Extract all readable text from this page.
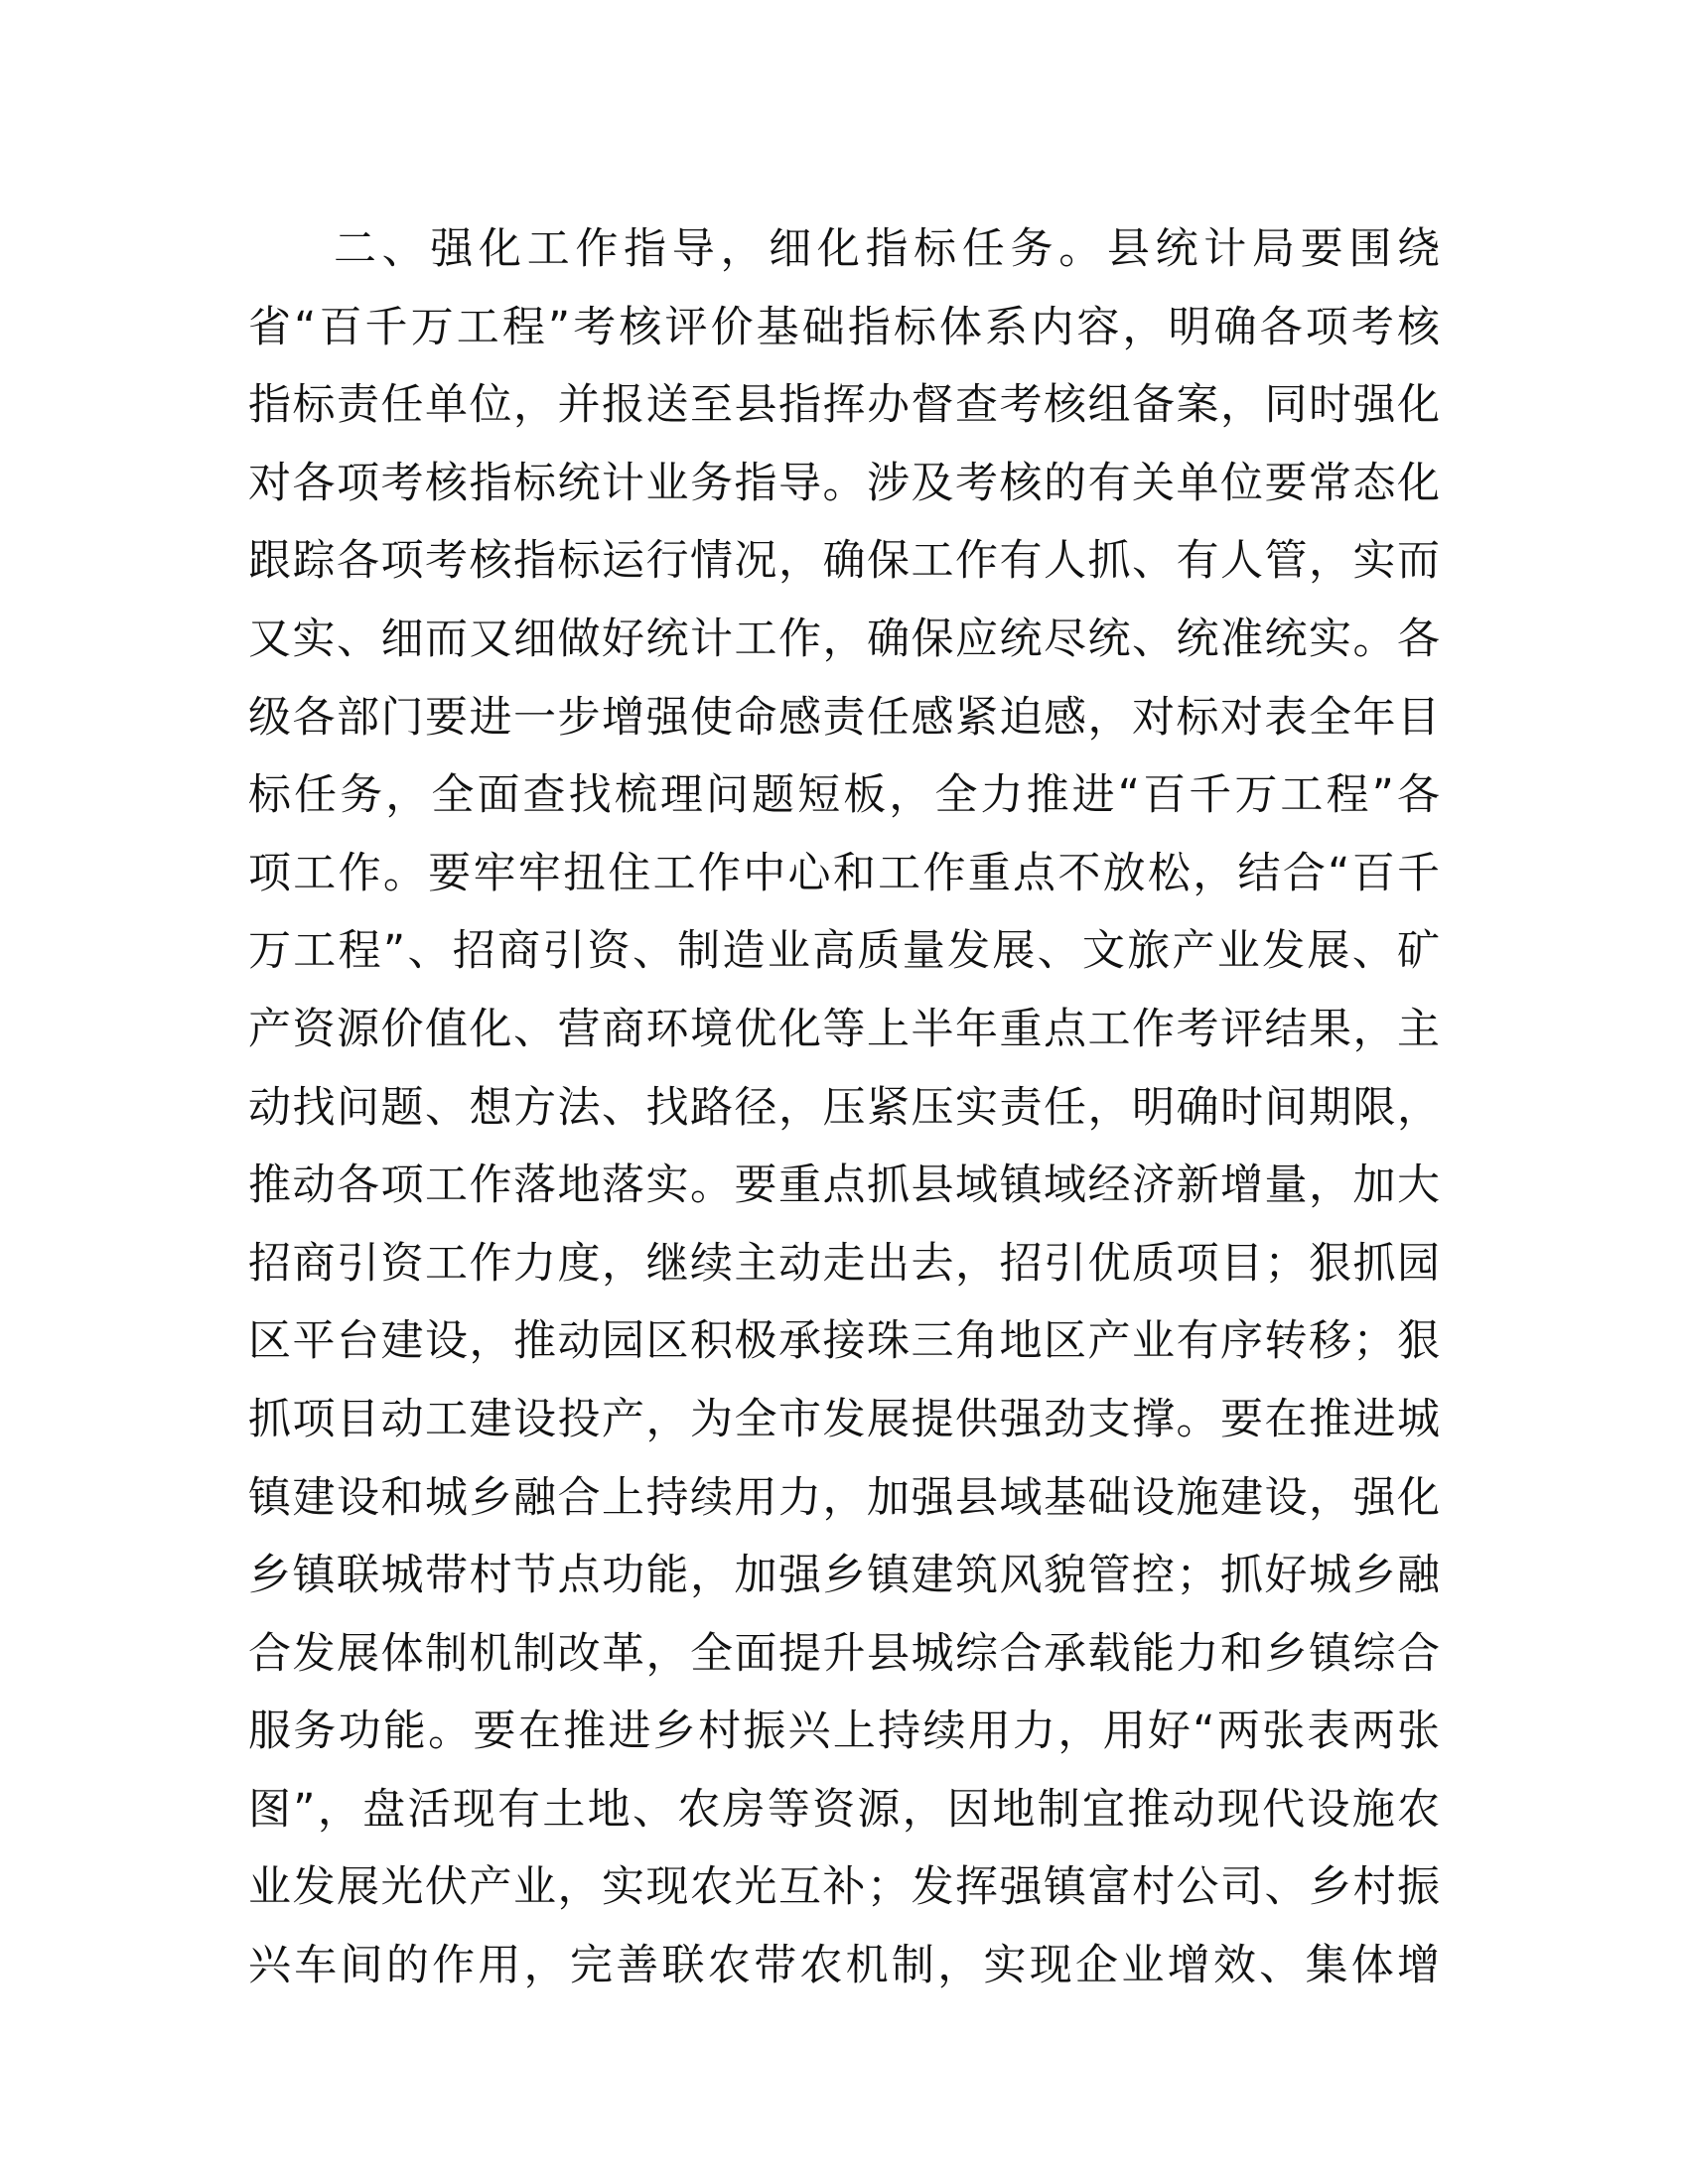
二、强化工作指导，细化指标任务。县统计局要围绕
省“百千万工程”考核评价基础指标体系内容，明确各项考核
指标责任单位，并报送至县指挥办督查考核组备案，同时强化
对各项考核指标统计业务指导。涉及考核的有关单位要常态化
跟踪各项考核指标运行情况，确保工作有人抓、有人管，实而
又实、细而又细做好统计工作，确保应统尽统、统准统实。各
级各部门要进一步增强使命感责任感紧迫感，对标对表全年目
标任务，全面查找梳理问题短板，全力推进“百千万工程”各
项工作。要牢牢扭住工作中心和工作重点不放松，结合“百千
万工程”、招商引资、制造业高质量发展、文旅产业发展、矿
产资源价值化、营商环境优化等上半年重点工作考评结果，主
动找问题、想方法、找路径，压紧压实责任，明确时间期限，
推动各项工作落地落实。要重点抓县域镇域经济新增量，加大
招商引资工作力度，继续主动走出去，招引优质项目；狠抓园
区平台建设，推动园区积极承接珠三角地区产业有序转移；狠
抓项目动工建设投产，为全市发展提供强劲支撑。要在推进城
镇建设和城乡融合上持续用力，加强县域基础设施建设，强化
乡镇联城带村节点功能，加强乡镇建筑风貌管控；抓好城乡融
合发展体制机制改革，全面提升县城综合承载能力和乡镇综合
服务功能。要在推进乡村振兴上持续用力，用好“两张表两张
图”，盘活现有土地、农房等资源，因地制宜推动现代设施农
业发展光伏产业，实现农光互补；发挥强镇富村公司、乡村振
兴车间的作用，完善联农带农机制，实现企业增效、集体增
